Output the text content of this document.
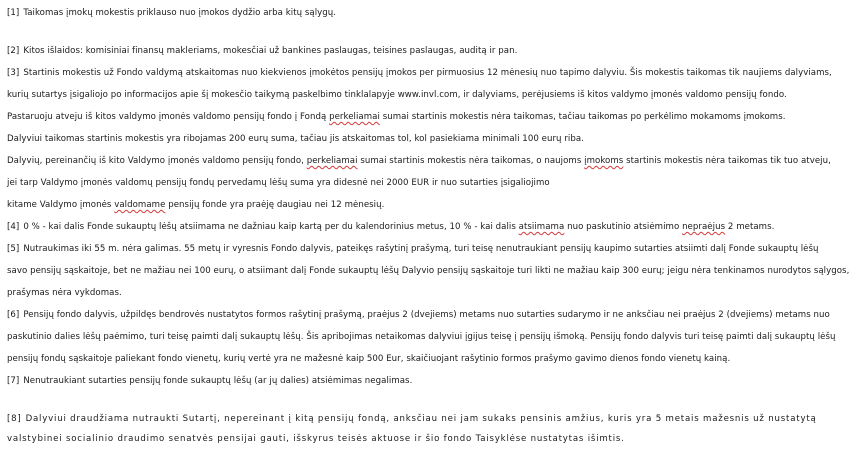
[1] Taikomas įmokų mokestis priklauso nuo įmokos dydžio arba kitų sąlygų.
[2] Kitos išlaidos: komisiniai finansų makleriams, mokesčiai už bankines paslaugas, teisines paslaugas, auditą ir pan.
[3] Startinis mokestis už Fondo valdymą atskaitomas nuo kiekvienos įmokėtos pensijų įmokos per pirmuosius 12 mėnesių nuo tapimo dalyviu. Šis mokestis taikomas tik naujiems dalyviams,
kurių sutartys įsigaliojo po informacijos apie šį mokesčio taikymą paskelbimo tinklalapyje www.invl.com, ir dalyviams, perėjusiems iš kitos valdymo įmonės valdomo pensijų fondo.
Pastaruoju atveju iš kitos valdymo įmonės valdomo pensijų fondo į Fondą perkeliamai sumai startinis mokestis nėra taikomas, tačiau taikomas po perkėlimo mokamoms įmokoms.
Dalyviui taikomas startinis mokestis yra ribojamas 200 eurų suma, tačiau jis atskaitomas tol, kol pasiekiama minimali 100 eurų riba.
Dalyvių, pereinančių iš kito Valdymo įmonės valdomo pensijų fondo, perkeliamai sumai startinis mokestis nėra taikomas, o naujoms įmokoms startinis mokestis nėra taikomas tik tuo atveju,
jei tarp Valdymo įmonės valdomų pensijų fondų pervedamų lėšų suma yra didesnė nei 2000 EUR ir nuo sutarties įsigaliojimo
kitame Valdymo įmonės valdomame pensijų fonde yra praėję daugiau nei 12 mėnesių.
[4] 0 % - kai dalis Fonde sukauptų lėšų atsiimama ne dažniau kaip kartą per du kalendorinius metus, 10 % - kai dalis atsiimama nuo paskutinio atsiėmimo nepraėjus 2 metams.
[5] Nutraukimas iki 55 m. nėra galimas. 55 metų ir vyresnis Fondo dalyvis, pateikęs rašytinį prašymą, turi teisę nenutraukiant pensijų kaupimo sutarties atsiimti dalį Fonde sukauptų lėšų
savo pensijų sąskaitoje, bet ne mažiau nei 100 eurų, o atsiimant dalį Fonde sukauptų lėšų Dalyvio pensijų sąskaitoje turi likti ne mažiau kaip 300 eurų; jeigu nėra tenkinamos nurodytos sąlygos,
prašymas nėra vykdomas.
[6] Pensijų fondo dalyvis, užpildęs bendrovės nustatytos formos rašytinį prašymą, praėjus 2 (dvejiems) metams nuo sutarties sudarymo ir ne anksčiau nei praėjus 2 (dvejiems) metams nuo
paskutinio dalies lėšų paėmimo, turi teisę paimti dalį sukauptų lėšų. Šis apribojimas netaikomas dalyviui įgijus teisę į pensijų išmoką. Pensijų fondo dalyvis turi teisę paimti dalį sukauptų lėšų
pensijų fondų sąskaitoje paliekant fondo vienetų, kurių vertė yra ne mažesnė kaip 500 Eur, skaičiuojant rašytinio formos prašymo gavimo dienos fondo vienetų kainą.
[7] Nenutraukiant sutarties pensijų fonde sukauptų lėšų (ar jų dalies) atsiėmimas negalimas.
[8] Dalyviui draudžiama nutraukti Sutartį, nepereinant į kitą pensijų fondą, anksčiau nei jam sukaks pensinis amžius, kuris yra 5 metais mažesnis už nustatytą
valstybinei socialinio draudimo senatvės pensijai gauti, išskyrus teisės aktuose ir šio fondo Taisyklėse nustatytas išimtis.
